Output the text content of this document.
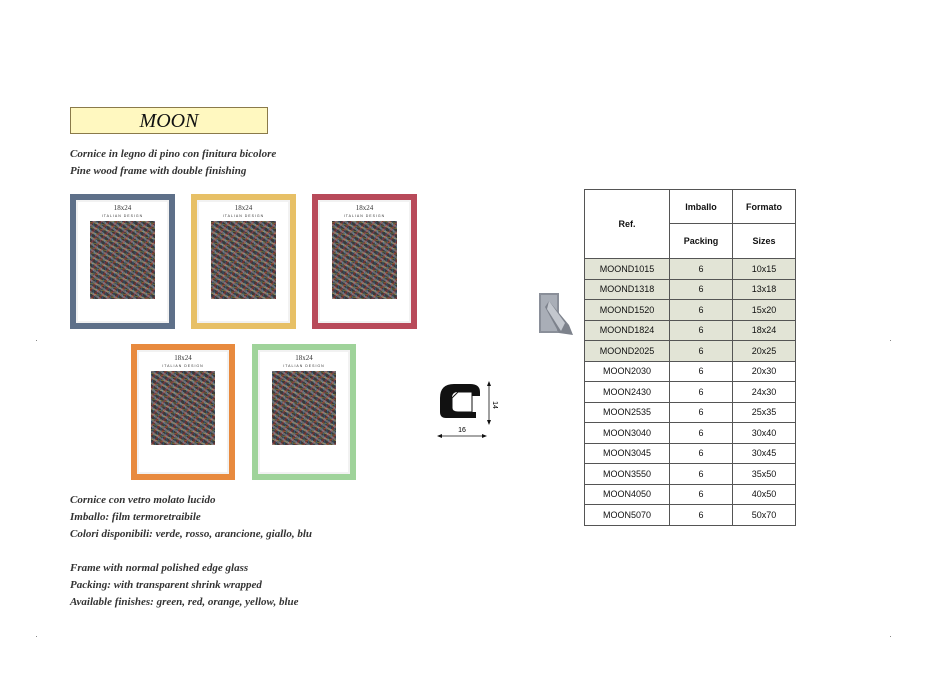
MOON
Cornice in legno di pino con finitura bicolore
Pine wood frame with double finishing
18x24
ITALIAN DESIGN
18x24
ITALIAN DESIGN
18x24
ITALIAN DESIGN
18x24
ITALIAN DESIGN
18x24
ITALIAN DESIGN
Cornice con vetro molato lucido
Imballo: film termoretraibile
Colori disponibili: verde, rosso, arancione, giallo, blu
Frame with normal polished edge glass
Packing: with transparent shrink wrapped
Available finishes: green, red, orange, yellow, blue
14
16
Ref.	Imballo	Formato
	Packing	Sizes
MOOND1015	6	10x15
MOOND1318	6	13x18
MOOND1520	6	15x20
MOOND1824	6	18x24
MOOND2025	6	20x25
MOON2030	6	20x30
MOON2430	6	24x30
MOON2535	6	25x35
MOON3040	6	30x40
MOON3045	6	30x45
MOON3550	6	35x50
MOON4050	6	40x50
MOON5070	6	50x70
